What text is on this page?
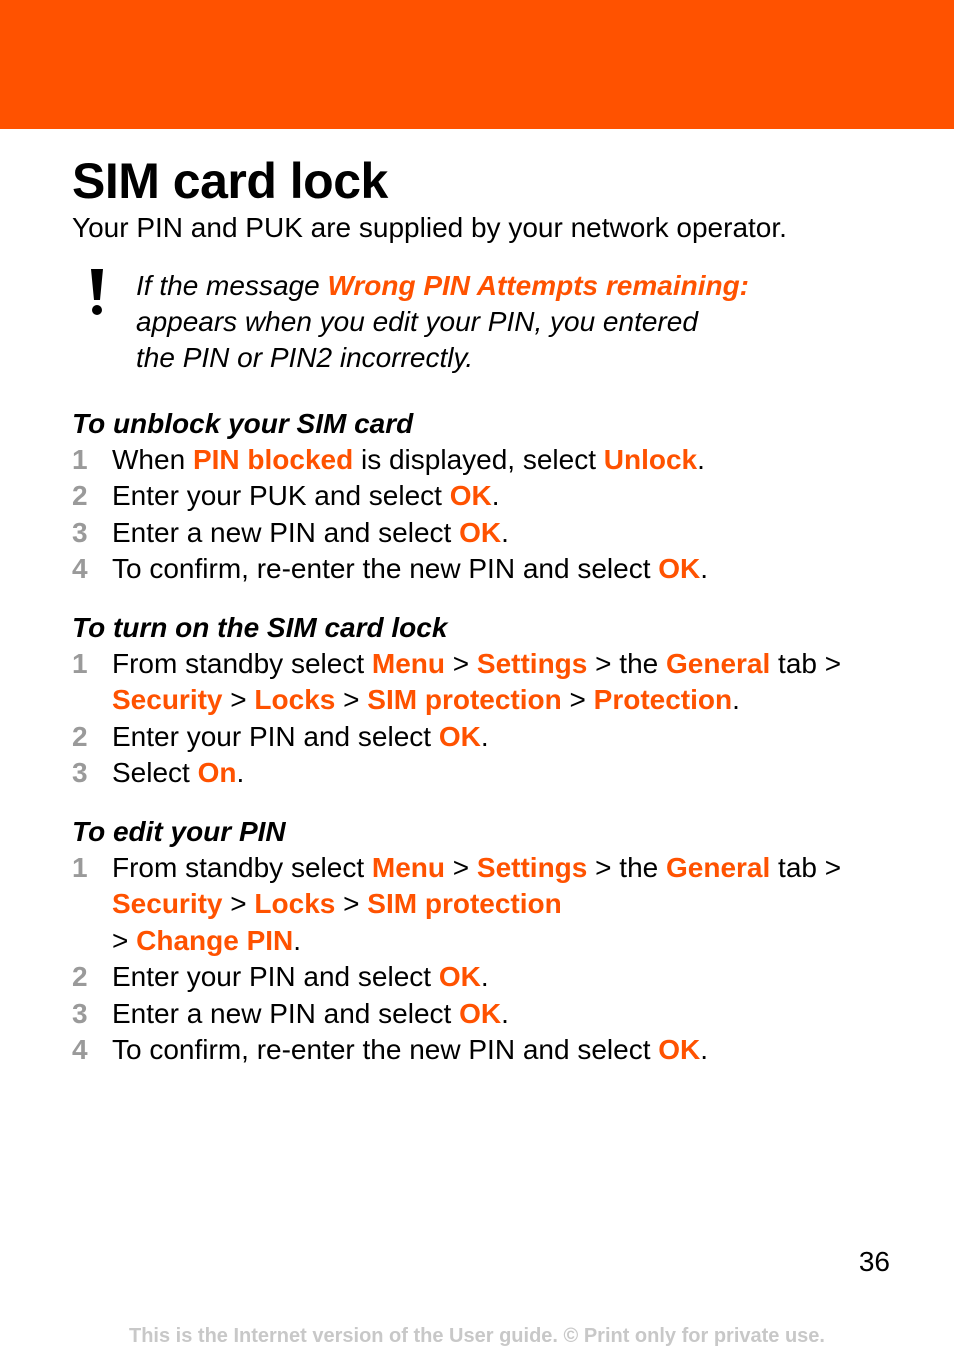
SIM card lock
Your PIN and PUK are supplied by your network operator.
If the message Wrong PIN Attempts remaining:
appears when you edit your PIN, you entered
the PIN or PIN2 incorrectly.
To unblock your SIM card
1 When PIN blocked is displayed, select Unlock.
2 Enter your PUK and select OK.
3 Enter a new PIN and select OK.
4 To confirm, re-enter the new PIN and select OK.
To turn on the SIM card lock
1 From standby select Menu > Settings > the General tab > Security > Locks > SIM protection > Protection.
2 Enter your PIN and select OK.
3 Select On.
To edit your PIN
1 From standby select Menu > Settings > the General tab > Security > Locks > SIM protection
> Change PIN.
2 Enter your PIN and select OK.
3 Enter a new PIN and select OK.
4 To confirm, re-enter the new PIN and select OK.
36
This is the Internet version of the User guide. © Print only for private use.
